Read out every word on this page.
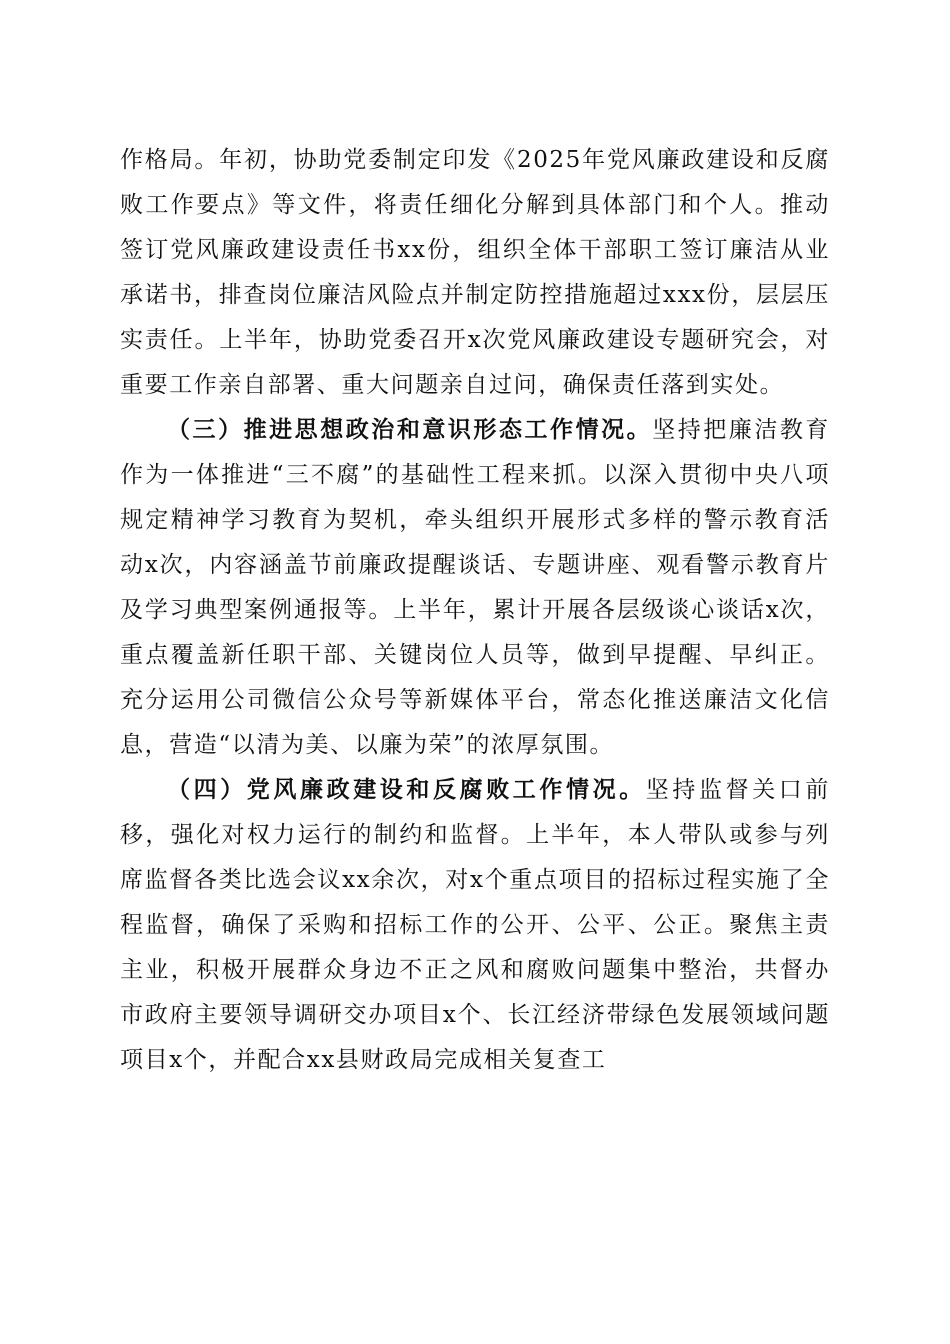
作格局。年初，协助党委制定印发《2025年党风廉政建设和反腐败工作要点》等文件，将责任细化分解到具体部门和个人。推动签订党风廉政建设责任书xx份，组织全体干部职工签订廉洁从业承诺书，排查岗位廉洁风险点并制定防控措施超过xxx份，层层压实责任。上半年，协助党委召开x次党风廉政建设专题研究会，对重要工作亲自部署、重大问题亲自过问，确保责任落到实处。

（三）推进思想政治和意识形态工作情况。坚持把廉洁教育作为一体推进“三不腐”的基础性工程来抓。以深入贯彻中央八项规定精神学习教育为契机，牵头组织开展形式多样的警示教育活动x次，内容涵盖节前廉政提醒谈话、专题讲座、观看警示教育片及学习典型案例通报等。上半年，累计开展各层级谈心谈话x次，重点覆盖新任职干部、关键岗位人员等，做到早提醒、早纠正。充分运用公司微信公众号等新媒体平台，常态化推送廉洁文化信息，营造“以清为美、以廉为荣”的浓厚氛围。

（四）党风廉政建设和反腐败工作情况。坚持监督关口前移，强化对权力运行的制约和监督。上半年，本人带队或参与列席监督各类比选会议xx余次，对x个重点项目的招标过程实施了全程监督，确保了采购和招标工作的公开、公平、公正。聚焦主责主业，积极开展群众身边不正之风和腐败问题集中整治，共督办市政府主要领导调研交办项目x个、长江经济带绿色发展领域问题项目x个，并配合xx县财政局完成相关复查工
